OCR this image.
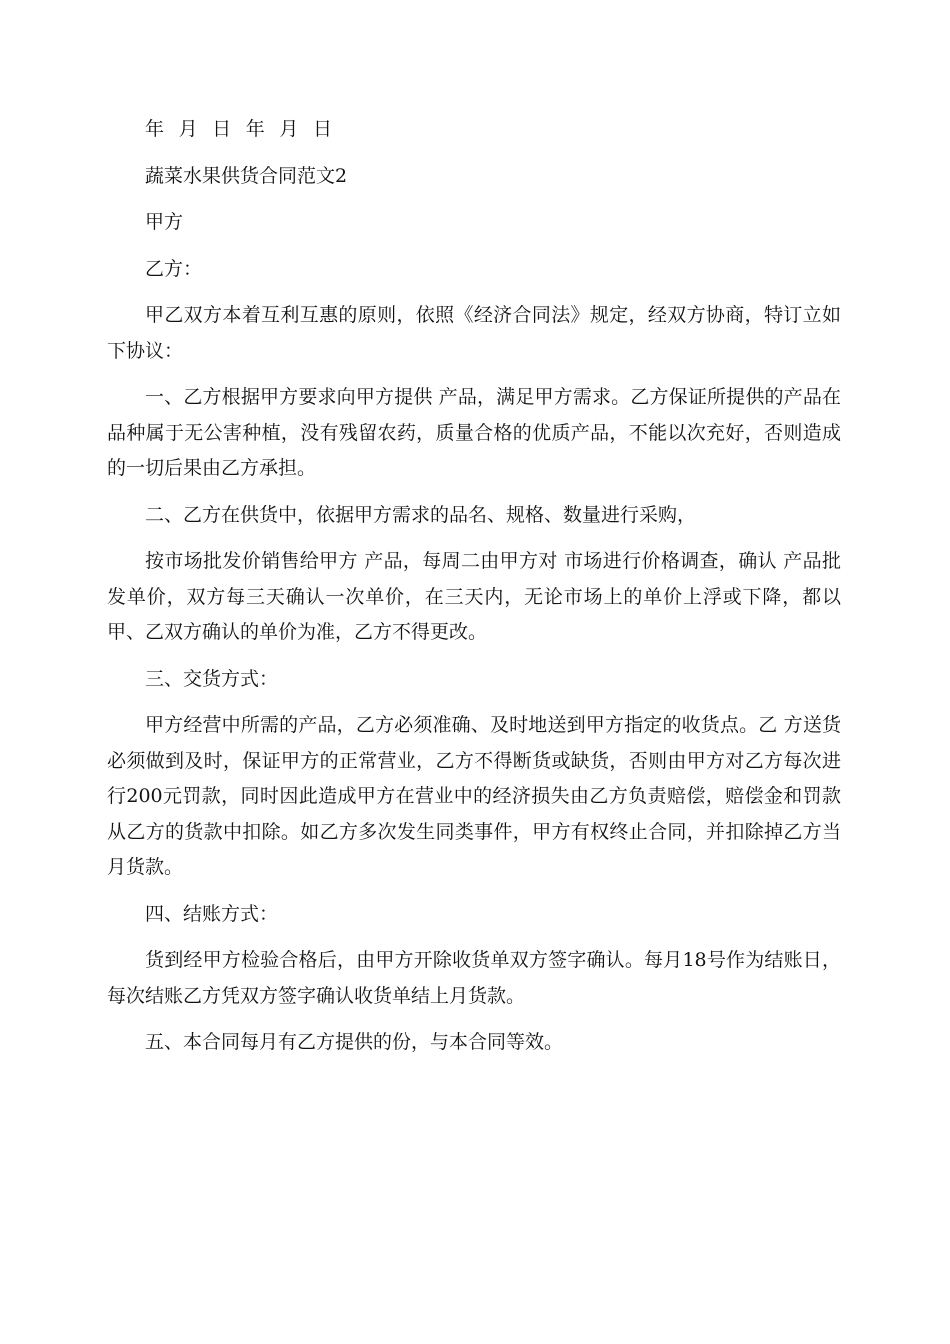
年 月 日 年 月 日

蔬菜水果供货合同范文2

甲方

乙方：

甲乙双方本着互利互惠的原则，依照《经济合同法》规定，经双方协商，特订立如下协议：

一、乙方根据甲方要求向甲方提供 产品，满足甲方需求。乙方保证所提供的产品在品种属于无公害种植，没有残留农药，质量合格的优质产品，不能以次充好，否则造成的一切后果由乙方承担。

二、乙方在供货中，依据甲方需求的品名、规格、数量进行采购，

按市场批发价销售给甲方 产品，每周二由甲方对 市场进行价格调查，确认 产品批发单价，双方每三天确认一次单价，在三天内，无论市场上的单价上浮或下降，都以甲、乙双方确认的单价为准，乙方不得更改。

三、交货方式：

甲方经营中所需的产品，乙方必须准确、及时地送到甲方指定的收货点。乙 方送货必须做到及时，保证甲方的正常营业，乙方不得断货或缺货，否则由甲方对乙方每次进行200元罚款，同时因此造成甲方在营业中的经济损失由乙方负责赔偿，赔偿金和罚款从乙方的货款中扣除。如乙方多次发生同类事件，甲方有权终止合同，并扣除掉乙方当月货款。

四、结账方式：

货到经甲方检验合格后，由甲方开除收货单双方签字确认。每月18号作为结账日，每次结账乙方凭双方签字确认收货单结上月货款。

五、本合同每月有乙方提供的份，与本合同等效。
